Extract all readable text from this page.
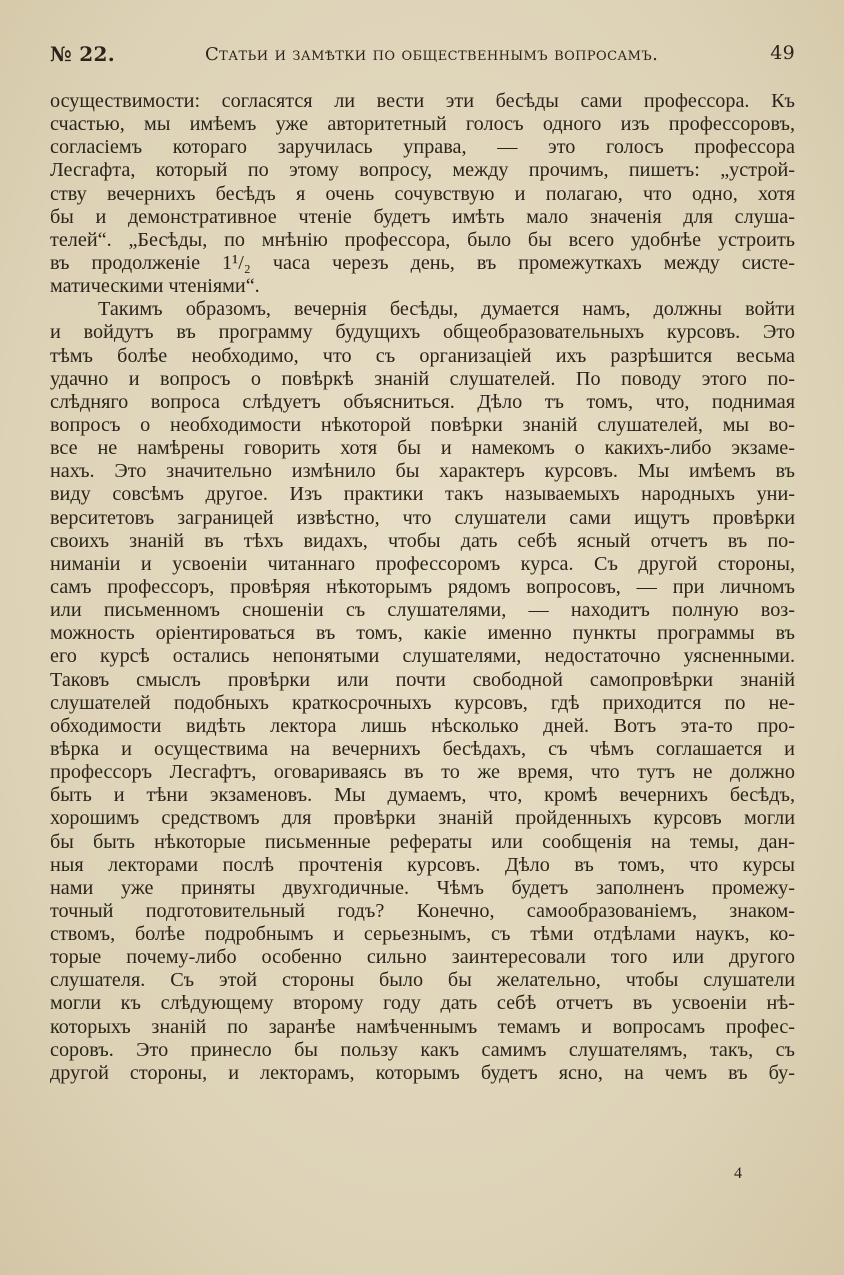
№ 22.	Статьи и замѣтки по общественнымъ вопросамъ.	49
осуществимости: согласятся ли вести эти бесѣды сами профессора. Къ
счастью, мы имѣемъ уже авторитетный голосъ одного изъ профессоровъ,
согласіемъ котораго заручилась управа, — это голосъ профессора
Лесгафта, который по этому вопросу, между прочимъ, пишетъ: „устрой-
ству вечернихъ бесѣдъ я очень сочувствую и полагаю, что одно, хотя
бы и демонстративное чтеніе будетъ имѣть мало значенія для слуша-
телей“. „Бесѣды, по мнѣнію профессора, было бы всего удобнѣе устроить
въ продолженіе 1¹/₂ часа черезъ день, въ промежуткахъ между систе-
матическими чтеніями“.
Такимъ образомъ, вечернія бесѣды, думается намъ, должны войти
и войдутъ въ программу будущихъ общеобразовательныхъ курсовъ. Это
тѣмъ болѣе необходимо, что съ организаціей ихъ разрѣшится весьма
удачно и вопросъ о повѣркѣ знаній слушателей. По поводу этого по-
слѣдняго вопроса слѣдуетъ объясниться. Дѣло тъ томъ, что, поднимая
вопросъ о необходимости нѣкоторой повѣрки знаній слушателей, мы во-
все не намѣрены говорить хотя бы и намекомъ о какихъ-либо экзаме-
нахъ. Это значительно измѣнило бы характеръ курсовъ. Мы имѣемъ въ
виду совсѣмъ другое. Изъ практики такъ называемыхъ народныхъ уни-
верситетовъ заграницей извѣстно, что слушатели сами ищутъ провѣрки
своихъ знаній въ тѣхъ видахъ, чтобы дать себѣ ясный отчетъ въ по-
ниманіи и усвоеніи читаннаго профессоромъ курса. Съ другой стороны,
самъ профессоръ, провѣряя нѣкоторымъ рядомъ вопросовъ, — при личномъ
или письменномъ сношеніи съ слушателями, — находитъ полную воз-
можность оріентироваться въ томъ, какіе именно пункты программы въ
его курсѣ остались непонятыми слушателями, недостаточно уясненными.
Таковъ смыслъ провѣрки или почти свободной самопровѣрки знаній
слушателей подобныхъ краткосрочныхъ курсовъ, гдѣ приходится по не-
обходимости видѣть лектора лишь нѣсколько дней. Вотъ эта-то про-
вѣрка и осуществима на вечернихъ бесѣдахъ, съ чѣмъ соглашается и
профессоръ Лесгафтъ, оговариваясь въ то же время, что тутъ не должно
быть и тѣни экзаменовъ. Мы думаемъ, что, кромѣ вечернихъ бесѣдъ,
хорошимъ средствомъ для провѣрки знаній пройденныхъ курсовъ могли
бы быть нѣкоторые письменные рефераты или сообщенія на темы, дан-
ныя лекторами послѣ прочтенія курсовъ. Дѣло въ томъ, что курсы
нами уже приняты двухгодичные. Чѣмъ будетъ заполненъ промежу-
точный подготовительный годъ? Конечно, самообразованіемъ, знаком-
ствомъ, болѣе подробнымъ и серьезнымъ, съ тѣми отдѣлами наукъ, ко-
торые почему-либо особенно сильно заинтересовали того или другого
слушателя. Съ этой стороны было бы желательно, чтобы слушатели
могли къ слѣдующему второму году дать себѣ отчетъ въ усвоеніи нѣ-
которыхъ знаній по заранѣе намѣченнымъ темамъ и вопросамъ профес-
соровъ. Это принесло бы пользу какъ самимъ слушателямъ, такъ, съ
другой стороны, и лекторамъ, которымъ будетъ ясно, на чемъ въ бу-
4
